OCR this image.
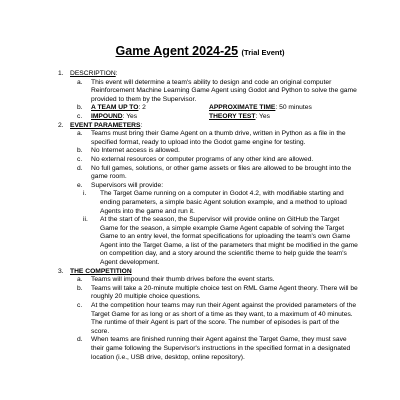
Game Agent 2024-25 (Trial Event)
1. DESCRIPTION:
a. This event will determine a team's ability to design and code an original computer Reinforcement Machine Learning Game Agent using Godot and Python to solve the game provided to them by the Supervisor.
b. A TEAM UP TO: 2	APPROXIMATE TIME: 50 minutes
c. IMPOUND: Yes	THEORY TEST: Yes
2. EVENT PARAMETERS:
a. Teams must bring their Game Agent on a thumb drive, written in Python as a file in the specified format, ready to upload into the Godot game engine for testing.
b. No Internet access is allowed.
c. No external resources or computer programs of any other kind are allowed.
d. No full games, solutions, or other game assets or files are allowed to be brought into the game room.
e. Supervisors will provide:
i. The Target Game running on a computer in Godot 4.2, with modifiable starting and ending parameters, a simple basic Agent solution example, and a method to upload Agents into the game and run it.
ii. At the start of the season, the Supervisor will provide online on GitHub the Target Game for the season, a simple example Game Agent capable of solving the Target Game to an entry level, the format specifications for uploading the team's own Game Agent into the Target Game, a list of the parameters that might be modified in the game on competition day, and a story around the scientific theme to help guide the team's Agent development.
3. THE COMPETITION
a. Teams will impound their thumb drives before the event starts.
b. Teams will take a 20-minute multiple choice test on RML Game Agent theory. There will be roughly 20 multiple choice questions.
c. At the competition hour teams may run their Agent against the provided parameters of the Target Game for as long or as short of a time as they want, to a maximum of 40 minutes. The runtime of their Agent is part of the score. The number of episodes is part of the score.
d. When teams are finished running their Agent against the Target Game, they must save their game following the Supervisor's instructions in the specified format in a designated location (i.e., USB drive, desktop, online repository).
